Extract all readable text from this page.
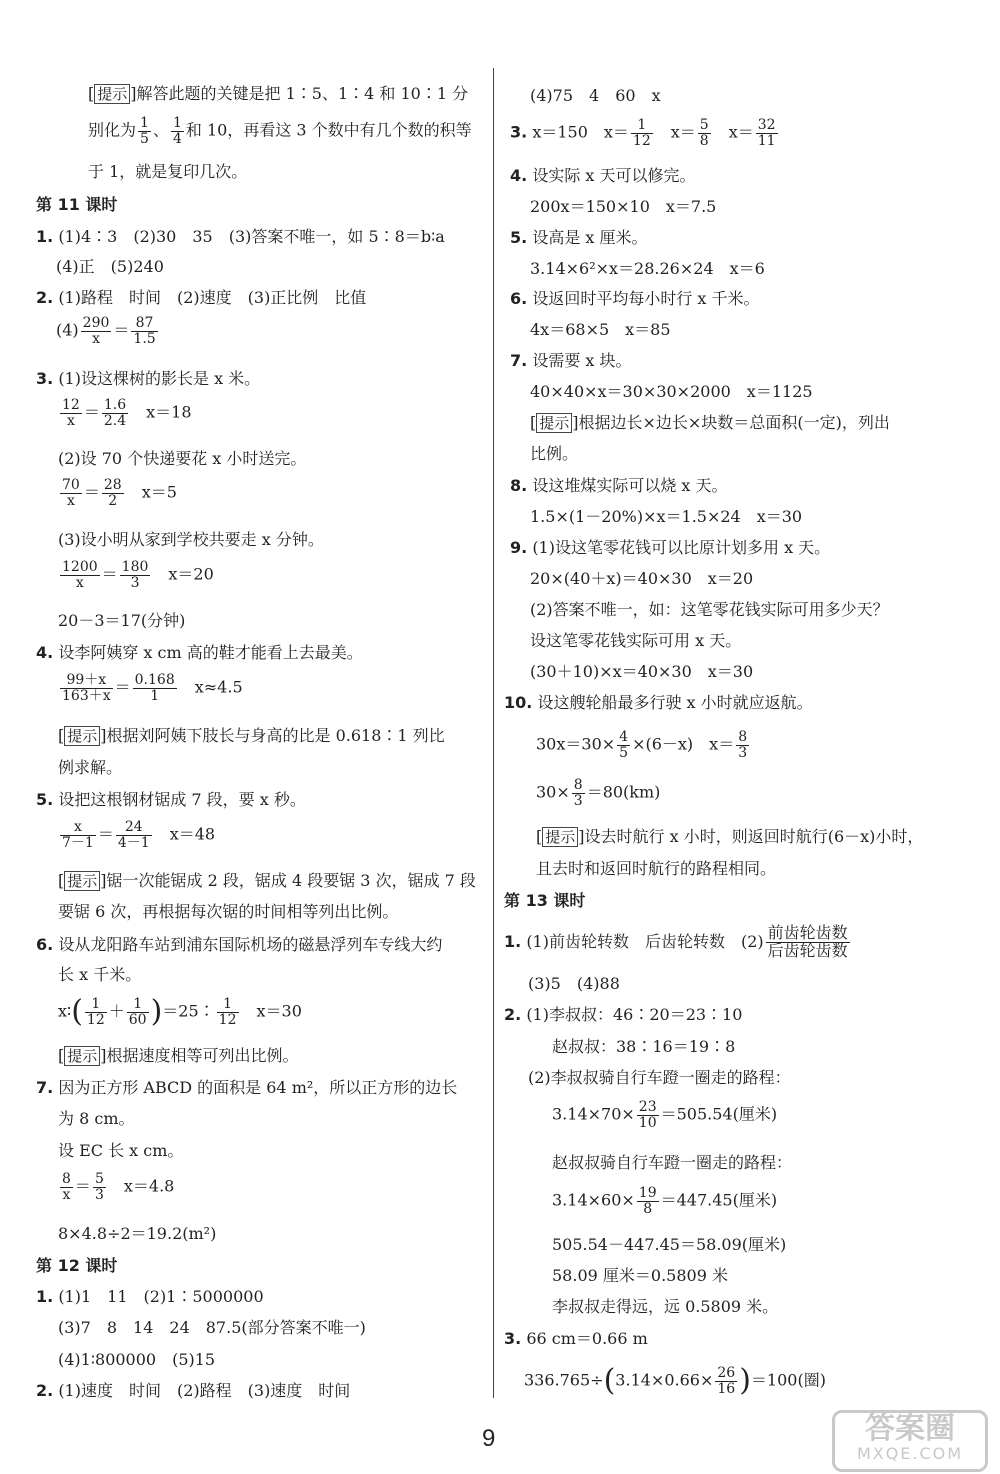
[ 提示 ]解答此题的关键是把 1∶5、1∶4 和 10∶1 分
别化为 $\frac{1}{5}$ 、 $\frac{1}{4}$ 和 10，再看这 3 个数中有几个数的积等
于 1，就是复印几次。
第 11 课时
1. (1)4∶3　(2)30　35　(3)答案不唯一，如 5∶8＝b∶a
(4)正　(5)240
2. (1)路程　时间　(2)速度　(3)正比例　比值
$(4) \frac{290}{x} = \frac{87}{1.5}$
3. (1)设这棵树的影长是 x 米。
$\frac{12}{x} = \frac{1.6}{2.4}$
　 x＝18
(2)设 70 个快递要花 x 小时送完。
$\frac{70}{x} = \frac{28}{2}$
　 x＝5
(3)设小明从家到学校共要走 x 分钟。
$\frac{1200}{x} = \frac{180}{3}$
　 x＝20
20－3＝17(分钟)
4. 设李阿姨穿 x cm 高的鞋才能看上去最美。
$\frac{99+x}{163+x} = \frac{0.168}{1}$
　 x≈4.5
[ 提示 ]根据刘阿姨下肢长与身高的比是 0.618∶1 列比
例求解。
5. 设把这根钢材锯成 7 段，要 x 秒。
$\frac{x}{7-1} = \frac{24}{4-1}$
　 x＝48
[ 提示 ]锯一次能锯成 2 段，锯成 4 段要锯 3 次，锯成 7 段
要锯 6 次，再根据每次锯的时间相等列出比例。
6. 设从龙阳路车站到浦东国际机场的磁悬浮列车专线大约
长 x 千米。
x∶( $\frac{1}{12} + \frac{1}{60}$ )＝25∶ $\frac{1}{12}$
　 x＝30
[ 提示 ]根据速度相等可列出比例。
7. 因为正方形 ABCD 的面积是 64 m²，所以正方形的边长
为 8 cm。
设 EC 长 x cm。
$\frac{8}{x} = \frac{5}{3}$
　 x＝4.8
8×4.8÷2＝19.2(m²)
第 12 课时
1. (1)1　11　(2)1∶5000000
(3)7　8　14　24　87.5(部分答案不唯一)
(4)1∶800000　(5)15
2. (1)速度　时间　(2)路程　(3)速度　时间
(4)75　4　60　x
3. x＝150　$x= \frac{1}{12}$
　 $x= \frac{5}{8}$
　 $x= \frac{32}{11}$
4. 设实际 x 天可以修完。
200x＝150×10　x＝7.5
5. 设高是 x 厘米。
3.14×6²×x＝28.26×24　x＝6
6. 设返回时平均每小时行 x 千米。
4x＝68×5　x＝85
7. 设需要 x 块。
40×40×x＝30×30×2000　x＝1125
[ 提示 ]根据边长×边长×块数＝总面积(一定)，列出
比例。
8. 设这堆煤实际可以烧 x 天。
1.5×(1－20%)×x＝1.5×24　x＝30
9. (1)设这笔零花钱可以比原计划多用 x 天。
20×(40＋x)＝40×30　x＝20
(2)答案不唯一，如：这笔零花钱实际可用多少天？
设这笔零花钱实际可用 x 天。
(30＋10)×x＝40×30　x＝30
10. 设这艘轮船最多行驶 x 小时就应返航。
$30x=30\times \frac{4}{5} \times(6-x)$　$x= \frac{8}{3}$
$30\times \frac{8}{3} =80(km)$
[ 提示 ]设去时航行 x 小时，则返回时航行(6－x)小时，
且去时和返回时航行的路程相同。
第 13 课时
1. (1)前齿轮转数　后齿轮转数　(2) 前齿轮齿数
后齿轮齿数
(3)5　(4)88
2. (1)李叔叔：46∶20＝23∶10
赵叔叔：38∶16＝19∶8
(2)李叔叔骑自行车蹬一圈走的路程：
$3.14\times 70\times \frac{23}{10} =505.54$(厘米)
赵叔叔骑自行车蹬一圈走的路程：
$3.14\times 60\times \frac{19}{8} =447.45$(厘米)
505.54－447.45＝58.09(厘米)
58.09 厘米＝0.5809 米
李叔叔走得远，远 0.5809 米。
3. 66 cm＝0.66 m
$336.765\div(3.14\times 0.66\times \frac{26}{16} )=100$(圈)
9	答案圈
MXQE.COM
